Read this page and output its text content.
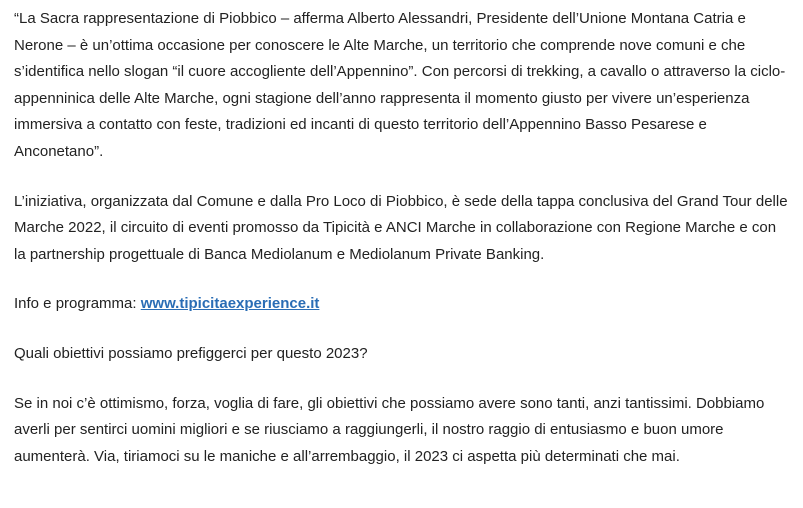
“La Sacra rappresentazione di Piobbico – afferma Alberto Alessandri, Presidente dell’Unione Montana Catria e Nerone – è un’ottima occasione per conoscere le Alte Marche, un territorio che comprende nove comuni e che s’identifica nello slogan “il cuore accogliente dell’Appennino”. Con percorsi di trekking, a cavallo o attraverso la ciclo-appenninica delle Alte Marche, ogni stagione dell’anno rappresenta il momento giusto per vivere un’esperienza immersiva a contatto con feste, tradizioni ed incanti di questo territorio dell’Appennino Basso Pesarese e Anconetano”.

L’iniziativa, organizzata dal Comune e dalla Pro Loco di Piobbico, è sede della tappa conclusiva del Grand Tour delle Marche 2022, il circuito di eventi promosso da Tipicità e ANCI Marche in collaborazione con Regione Marche e con la partnership progettuale di Banca Mediolanum e Mediolanum Private Banking.

Info e programma: www.tipicitaexperience.it

Quali obiettivi possiamo prefiggerci per questo 2023?

Se in noi c’è ottimismo, forza, voglia di fare, gli obiettivi che possiamo avere sono tanti, anzi tantissimi. Dobbiamo averli per sentirci uomini migliori e se riusciamo a raggiungerli, il nostro raggio di entusiasmo e buon umore aumenterà. Via, tiriamoci su le maniche e all’arrembaggio, il 2023 ci aspetta più determinati che mai.
